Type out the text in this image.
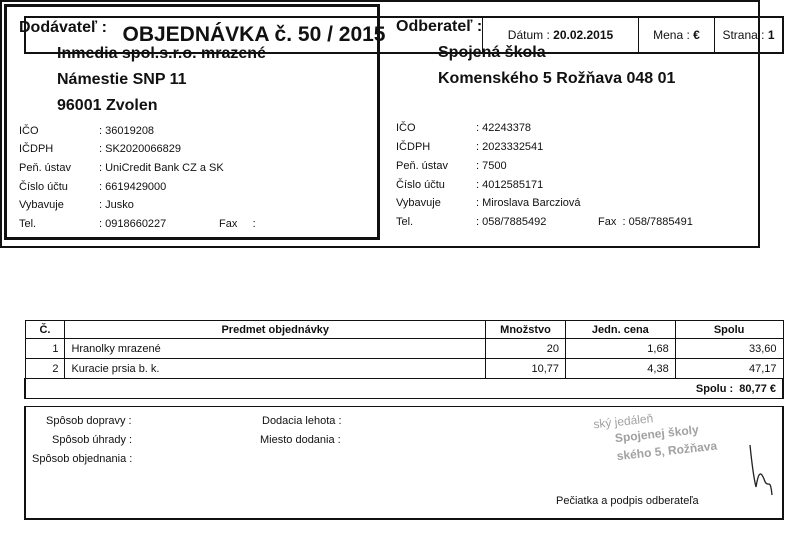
OBJEDNÁVKA č. 50 / 2015	Dátum :
20.02.2015	Mena :
€ Strana :
1
Dodávateľ :
Inmedia spol.s.r.o. mrazené
Námestie SNP 11
96001 Zvolen
IČO	: 36019208
IČDPH	: SK2020066829
Peň. ústav	: UniCredit Bank CZ a SK
Číslo účtu	: 6619429000
Vybavuje	: Jusko
Tel.	: 0918660227	Fax :
Odberateľ :
Spojená škola
Komenského 5 Rožňava 048 01
IČO	: 42243378
IČDPH	: 2023332541
Peň. ústav	: 7500
Číslo účtu	: 4012585171
Vybavuje	: Miroslava Barcziová
Tel.	: 058/7885492	Fax : 058/7885491
Č.	Predmet objednávky	Množstvo	Jedn. cena	Spolu
1	Hranolky mrazené	20	1,68	33,60
2	Kuracie prsia b. k.	10,77	4,38	47,17
Spolu : 80,77 €				
Spôsob dopravy :
Spôsob úhrady :
Spôsob objednania :
Dodacia lehota :
Miesto dodania :
ský jedáleň
Spojenej školy
ského 5, Rožňava
Pečiatka a podpis odberateľa
